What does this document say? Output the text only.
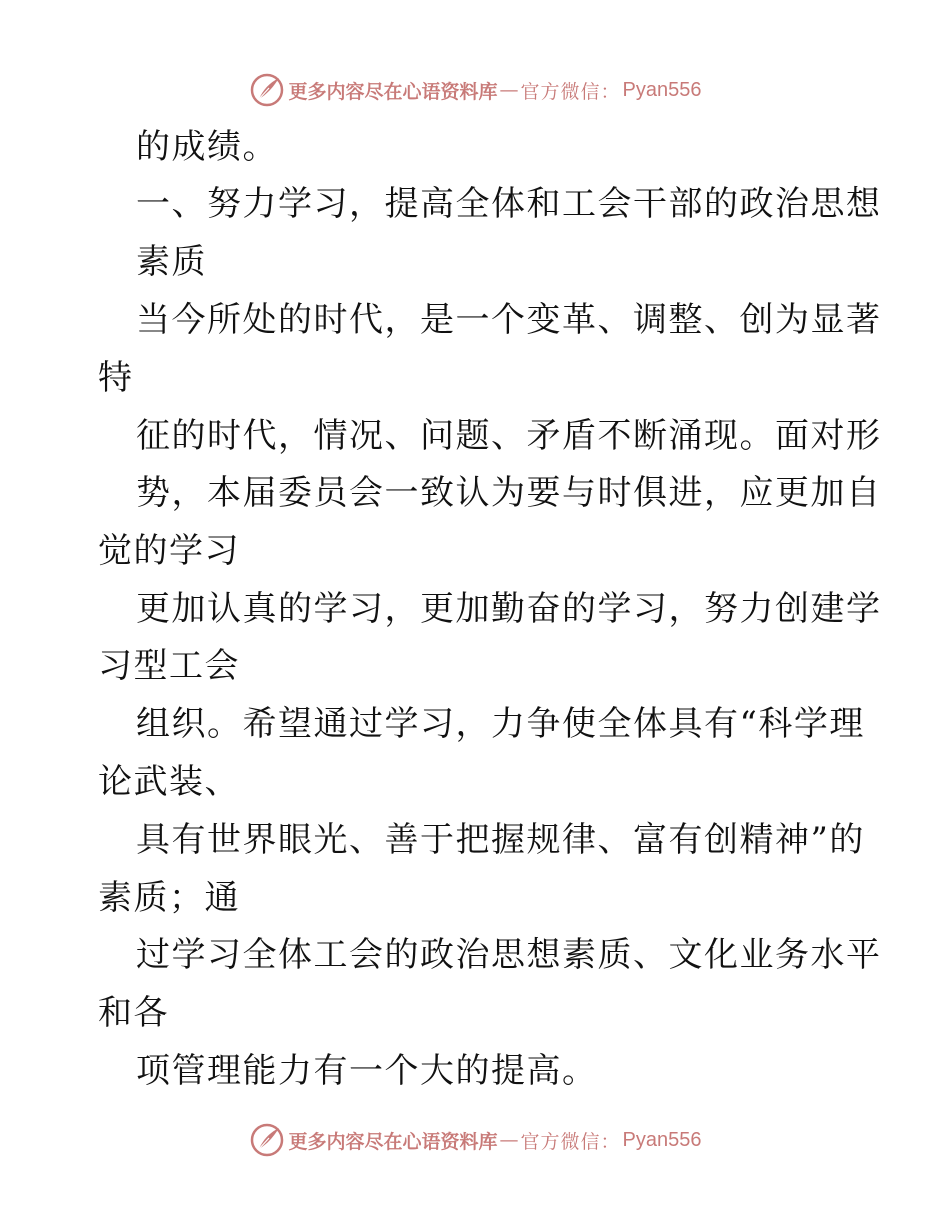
更多内容尽在心语资料库 — 官方微信： Pyan556
的成绩。
一、努力学习，提高全体和工会干部的政治思想
素质
当今所处的时代，是一个变革、调整、创为显著
特
征的时代，情况、问题、矛盾不断涌现。面对形
势，本届委员会一致认为要与时俱进，应更加自
觉的学习
更加认真的学习，更加勤奋的学习，努力创建学
习型工会
组织。希望通过学习，力争使全体具有“科学理
论武装、
具有世界眼光、善于把握规律、富有创精神”的
素质；通
过学习全体工会的政治思想素质、文化业务水平
和各
项管理能力有一个大的提高。
更多内容尽在心语资料库 — 官方微信： Pyan556
